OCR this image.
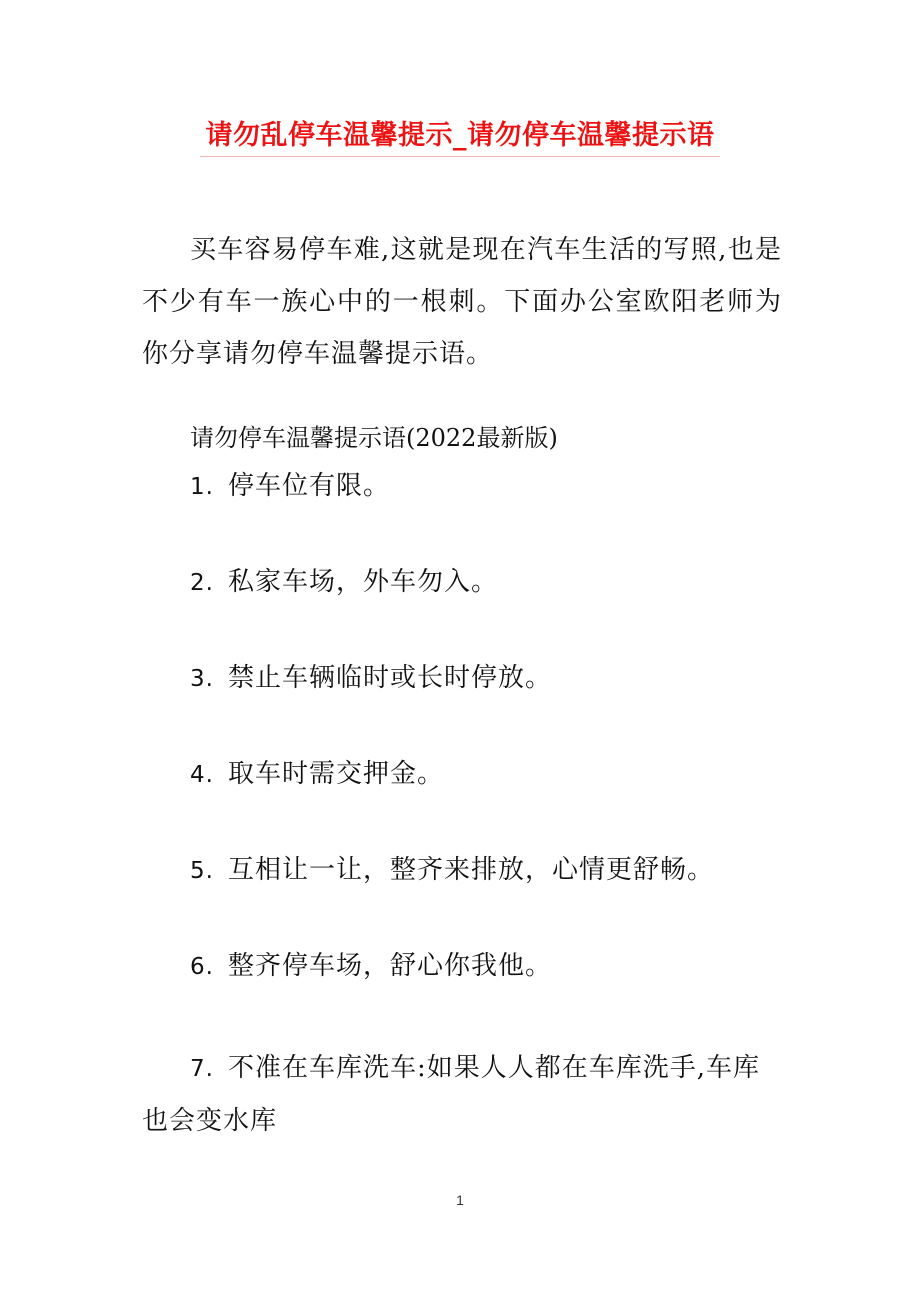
请勿乱停车温馨提示_请勿停车温馨提示语
买车容易停车难,这就是现在汽车生活的写照,也是不少有车一族心中的一根刺。下面办公室欧阳老师为你分享请勿停车温馨提示语。
请勿停车温馨提示语(2022最新版)
1. 停车位有限。
2. 私家车场，外车勿入。
3. 禁止车辆临时或长时停放。
4. 取车时需交押金。
5. 互相让一让，整齐来排放，心情更舒畅。
6. 整齐停车场，舒心你我他。
7. 不准在车库洗车:如果人人都在车库洗手,车库也会变水库
1
